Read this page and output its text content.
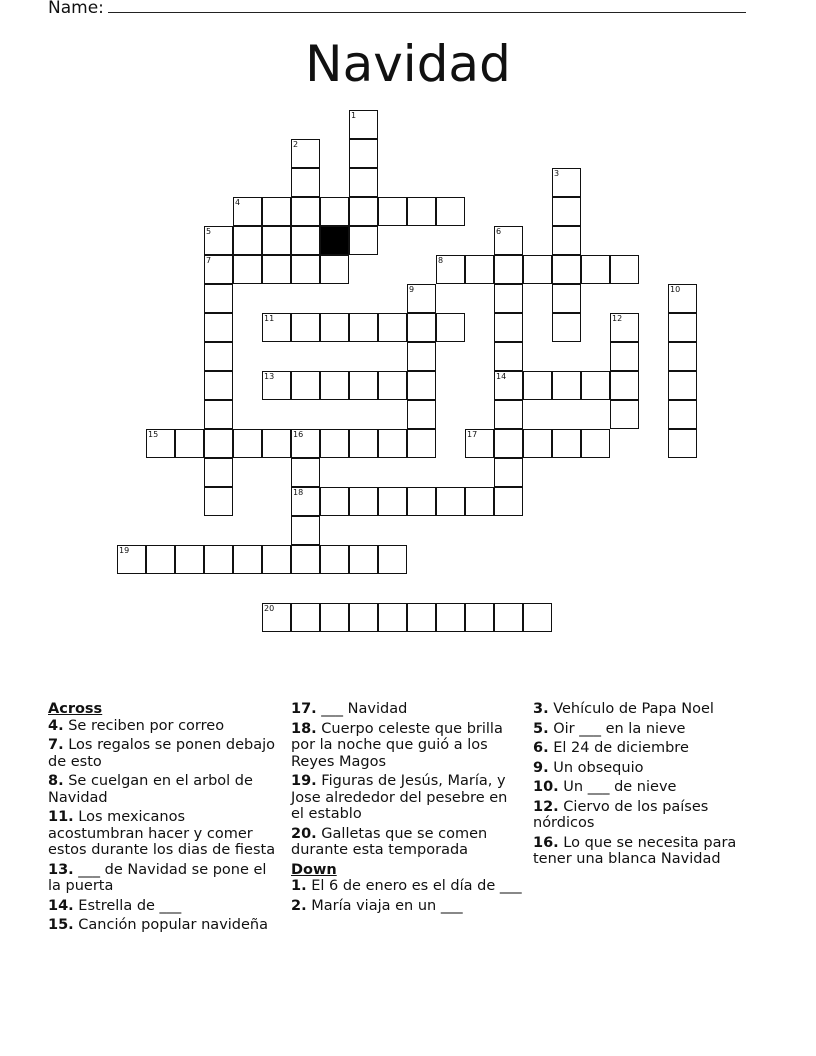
Name:
Navidad
1
2
3
4
5	6
7	8
9	10
11	12
13	14
15	16	17
18
19
20
Across
4. Se reciben por correo
7. Los regalos se ponen debajo de esto
8. Se cuelgan en el arbol de Navidad
11. Los mexicanos acostumbran hacer y comer estos durante los dias de fiesta
13. ___ de Navidad se pone el la puerta
14. Estrella de ___
15. Canción popular navideña
17. ___ Navidad
18. Cuerpo celeste que brilla por la noche que guió a los Reyes Magos
19. Figuras de Jesús, María, y Jose alrededor del pesebre en el establo
20. Galletas que se comen durante esta temporada
Down
1. El 6 de enero es el día de ___
2. María viaja en un ___
3. Vehículo de Papa Noel
5. Oir ___ en la nieve
6. El 24 de diciembre
9. Un obsequio
10. Un ___ de nieve
12. Ciervo de los países nórdicos
16. Lo que se necesita para tener una blanca Navidad
